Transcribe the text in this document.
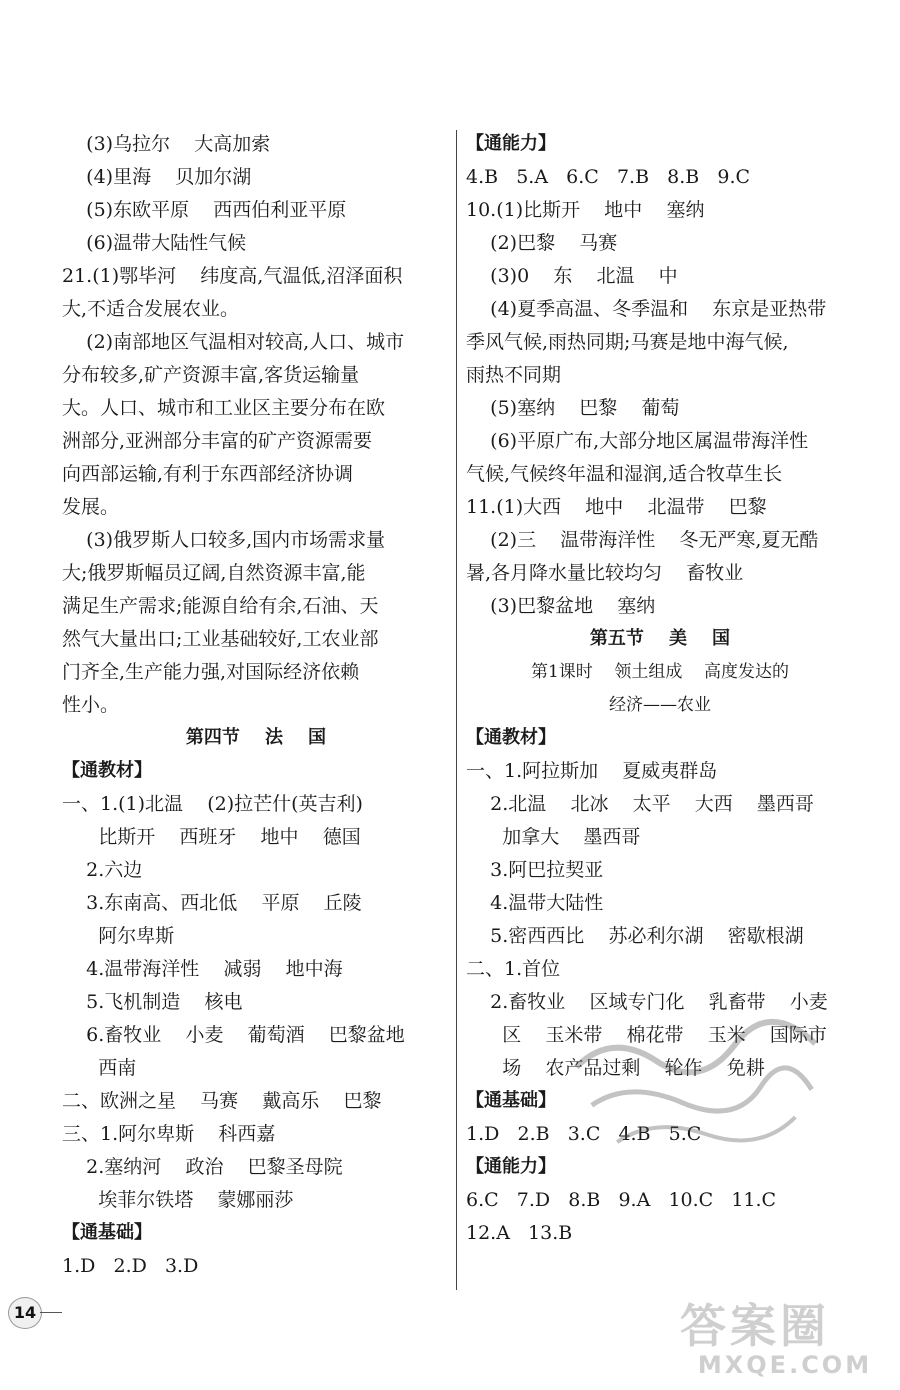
(3)乌拉尔    大高加索
(4)里海    贝加尔湖
(5)东欧平原    西西伯利亚平原
(6)温带大陆性气候
21.(1)鄂毕河    纬度高,气温低,沼泽面积
大,不适合发展农业。
(2)南部地区气温相对较高,人口、城市
分布较多,矿产资源丰富,客货运输量
大。人口、城市和工业区主要分布在欧
洲部分,亚洲部分丰富的矿产资源需要
向西部运输,有利于东西部经济协调
发展。
(3)俄罗斯人口较多,国内市场需求量
大;俄罗斯幅员辽阔,自然资源丰富,能
满足生产需求;能源自给有余,石油、天
然气大量出口;工业基础较好,工农业部
门齐全,生产能力强,对国际经济依赖
性小。
第四节    法    国
【通教材】
一、1.(1)北温    (2)拉芒什(英吉利)
比斯开    西班牙    地中    德国
2.六边
3.东南高、西北低    平原    丘陵
阿尔卑斯
4.温带海洋性    减弱    地中海
5.飞机制造    核电
6.畜牧业    小麦    葡萄酒    巴黎盆地
西南
二、欧洲之星    马赛    戴高乐    巴黎
三、1.阿尔卑斯    科西嘉
2.塞纳河    政治    巴黎圣母院
埃菲尔铁塔    蒙娜丽莎
【通基础】
1.D   2.D   3.D
【通能力】
4.B   5.A   6.C   7.B   8.B   9.C
10.(1)比斯开    地中    塞纳
(2)巴黎    马赛
(3)0    东    北温    中
(4)夏季高温、冬季温和    东京是亚热带
季风气候,雨热同期;马赛是地中海气候,
雨热不同期
(5)塞纳    巴黎    葡萄
(6)平原广布,大部分地区属温带海洋性
气候,气候终年温和湿润,适合牧草生长
11.(1)大西    地中    北温带    巴黎
(2)三    温带海洋性    冬无严寒,夏无酷
暑,各月降水量比较均匀    畜牧业
(3)巴黎盆地    塞纳
第五节    美    国
第1课时    领土组成    高度发达的
经济——农业
【通教材】
一、1.阿拉斯加    夏威夷群岛
2.北温    北冰    太平    大西    墨西哥
加拿大    墨西哥
3.阿巴拉契亚
4.温带大陆性
5.密西西比    苏必利尔湖    密歇根湖
二、1.首位
2.畜牧业    区域专门化    乳畜带    小麦
区    玉米带    棉花带    玉米    国际市
场    农产品过剩    轮作    免耕
【通基础】
1.D   2.B   3.C   4.B   5.C
【通能力】
6.C   7.D   8.B   9.A   10.C   11.C
12.A   13.B
14	答案圈
MXQE.COM
